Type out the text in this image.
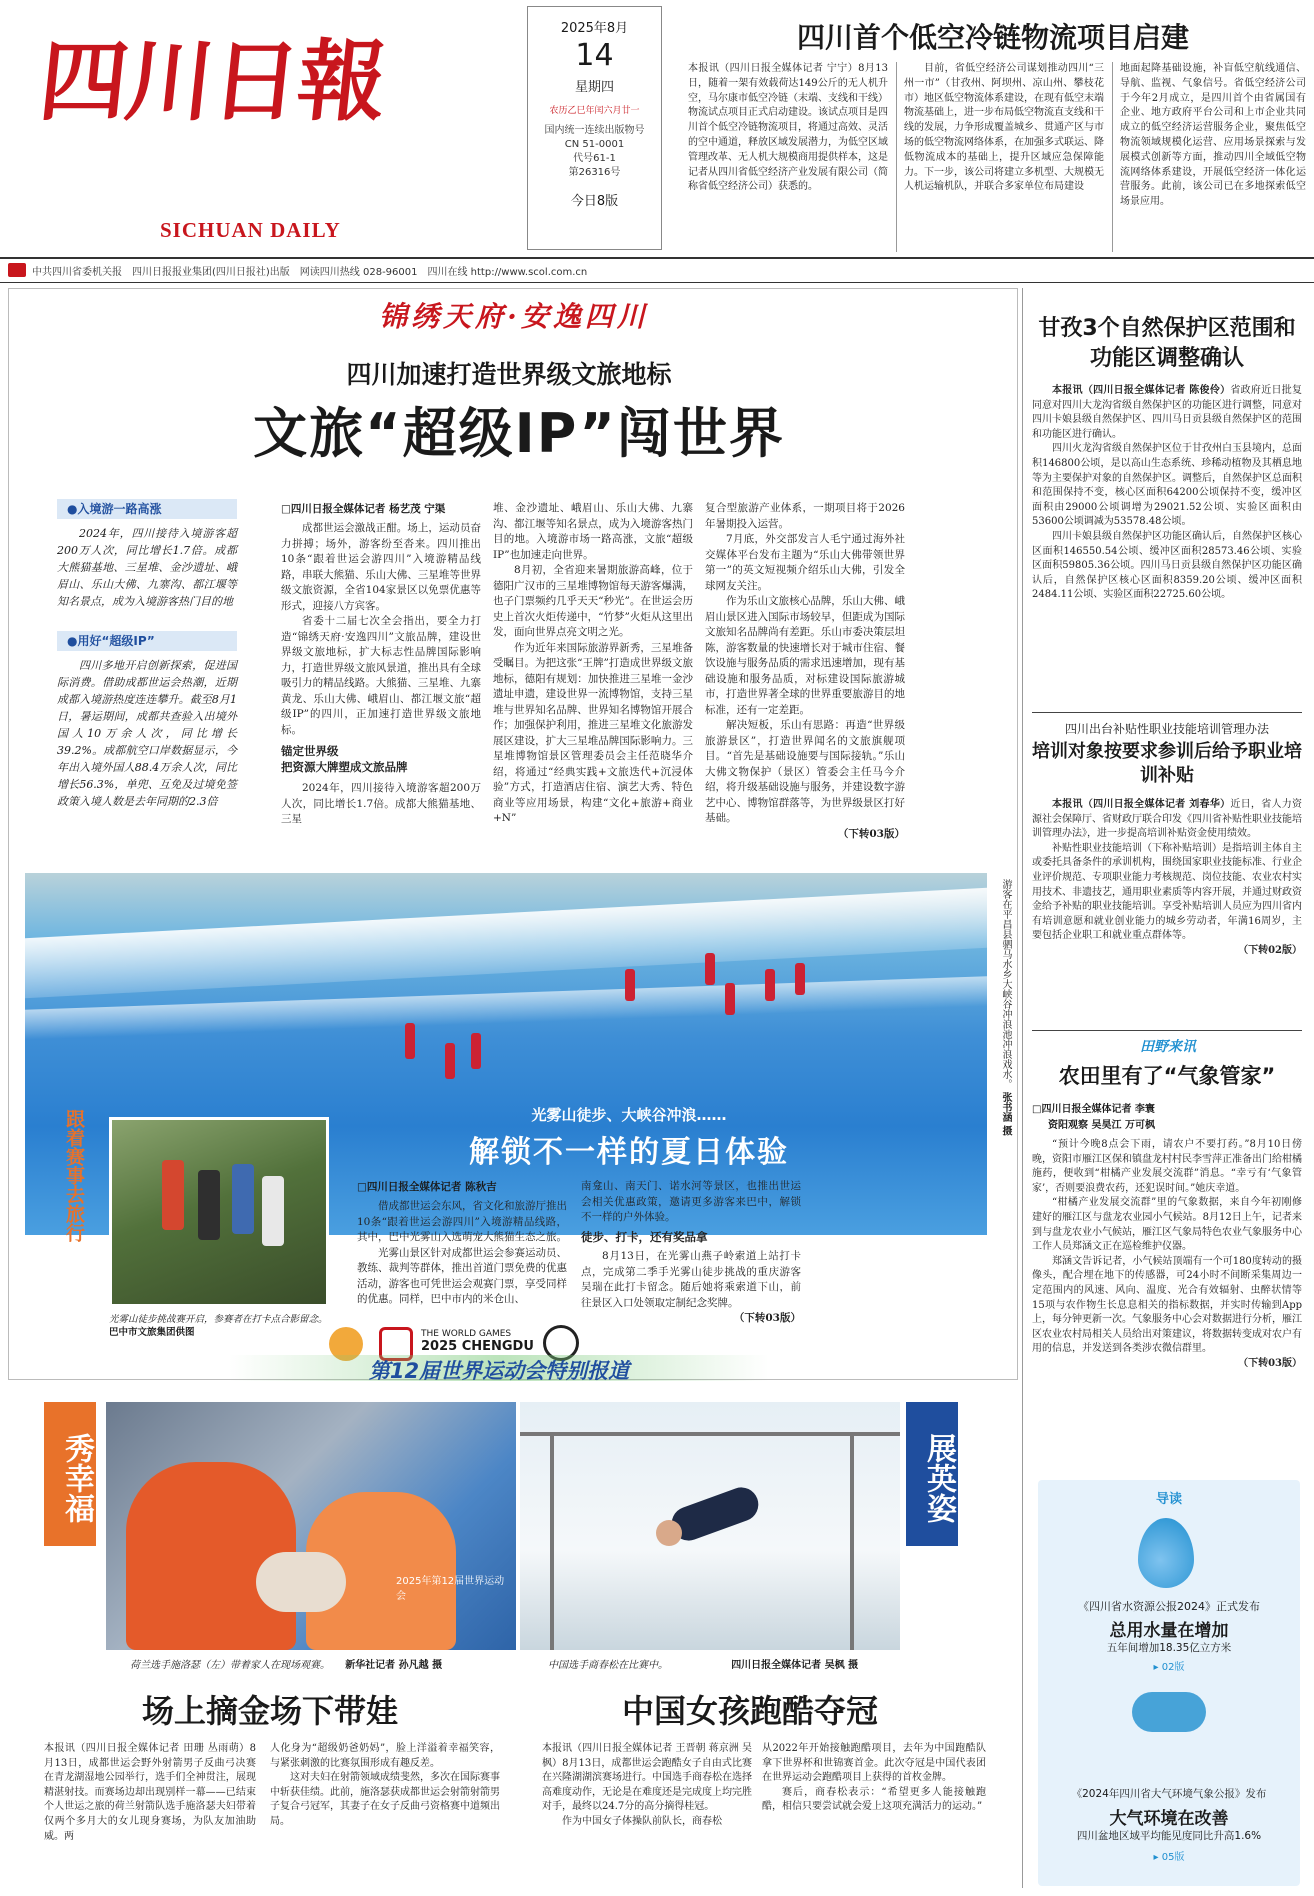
四川日報
SICHUAN DAILY
2025年8月
14
星期四
农历乙巳年闰六月廿一
国内统一连续出版物号
CN 51-0001
代号61-1
第26316号
今日8版
四川首个低空冷链物流项目启建
本报讯（四川日报全媒体记者 宁宁）8月13日，随着一架有效载荷达149公斤的无人机升空，马尔康市低空冷链（末端、支线和干线）物流试点项目正式启动建设。该试点项目是四川首个低空冷链物流项目，将通过高效、灵活的空中通道，释放区域发展潜力，为低空区域管理改革、无人机大规模商用提供样本，这是记者从四川省低空经济产业发展有限公司（简称省低空经济公司）获悉的。
目前，省低空经济公司谋划推动四川“三州一市”（甘孜州、阿坝州、凉山州、攀枝花市）地区低空物流体系建设，在现有低空末端物流基础上，进一步布局低空物流直支线和干线的发展，力争形成覆盖城乡、贯通产区与市场的低空物流网络体系，在加强多式联运、降低物流成本的基础上，提升区域应急保障能力。下一步，该公司将建立多机型、大规模无人机运输机队，并联合多家单位布局建设
地面起降基础设施，补盲低空航线通信、导航、监视、气象信号。省低空经济公司于今年2月成立，是四川首个由省属国有企业、地方政府平台公司和上市企业共同成立的低空经济运营服务企业，聚焦低空物流领域规模化运营、应用场景探索与发展模式创新等方面，推动四川全域低空物流网络体系建设，开展低空经济一体化运营服务。此前，该公司已在多地探索低空场景应用。
中共四川省委机关报　四川日报报业集团(四川日报社)出版　网读四川热线 028-96001　四川在线 http://www.scol.com.cn
锦绣天府·安逸四川
四川加速打造世界级文旅地标
文旅“超级IP”闯世界
●入境游一路高涨
2024年，四川接待入境游客超200万人次，同比增长1.7倍。成都大熊猫基地、三星堆、金沙遗址、峨眉山、乐山大佛、九寨沟、都江堰等知名景点，成为入境游客热门目的地
●用好“超级IP”
四川多地开启创新探索，促进国际消费。借助成都世运会热潮，近期成都入境游热度连连攀升。截至8月1日，暑运期间，成都共查验入出境外国人10万余人次，同比增长39.2%。成都航空口岸数据显示，今年出入境外国人88.4万余人次，同比增长56.3%，单兜、互免及过境免签政策入境人数是去年同期的2.3倍
□四川日报全媒体记者 杨艺茂 宁渠

成都世运会激战正酣。场上，运动员奋力拼搏；场外，游客纷至沓来。四川推出10条“跟着世运会游四川”入境游精品线路，串联大熊猫、乐山大佛、三星堆等世界级文旅资源，全省104家景区以免票优惠等形式，迎接八方宾客。

省委十二届七次全会指出，要全力打造“锦绣天府·安逸四川”文旅品牌，建设世界级文旅地标，扩大标志性品牌国际影响力，打造世界级文旅风景道，推出具有全球吸引力的精品线路。大熊猫、三星堆、九寨黄龙、乐山大佛、峨眉山、都江堰文旅“超级IP”的四川，正加速打造世界级文旅地标。

锚定世界级
把资源大牌塑成文旅品牌

2024年，四川接待入境游客超200万人次，同比增长1.7倍。成都大熊猫基地、三星

堆、金沙遗址、峨眉山、乐山大佛、九寨沟、都江堰等知名景点，成为入境游客热门目的地。入境游市场一路高涨，文旅“超级IP”也加速走向世界。

8月初，全省迎来暑期旅游高峰，位于德阳广汉市的三星堆博物馆每天游客爆满，也子门票频约几乎天天“秒光”。在世运会历史上首次火炬传递中，“竹梦”火炬从这里出发，面向世界点亮文明之光。

作为近年来国际旅游界新秀，三星堆备受瞩目。为把这张“王牌”打造成世界级文旅地标，德阳有规划：加快推进三星堆一金沙遗址申遗，建设世界一流博物馆，支持三星堆与世界知名品牌、世界知名博物馆开展合作；加强保护利用，推进三星堆文化旅游发展区建设，扩大三星堆品牌国际影响力。三星堆博物馆景区管理委员会主任范晓华介绍，将通过“经典实践+文旅迭代+沉浸体验”方式，打造酒店住宿、演艺大秀、特色商业等应用场景，构建“文化+旅游+商业+N”

复合型旅游产业体系，一期项目将于2026年暑期投入运营。

7月底，外交部发言人毛宁通过海外社交媒体平台发布主题为“乐山大佛带领世界第一”的英文短视频介绍乐山大佛，引发全球网友关注。

作为乐山文旅核心品牌，乐山大佛、峨眉山景区进入国际市场较早，但距成为国际文旅知名品牌尚有差距。乐山市委决策层坦陈，游客数量的快速增长对于城市住宿、餐饮设施与服务品质的需求迅速增加，现有基础设施和服务品质，对标建设国际旅游城市，打造世界著全球的世界重要旅游目的地标准，还有一定差距。

解决短板，乐山有思路：再造“世界级旅游景区”，打造世界闻名的文旅旗舰项目。“首先是基础设施要与国际接轨。”乐山大佛文物保护（景区）管委会主任马今介绍，将升级基础设施与服务，并建设数字游艺中心、博物馆群落等，为世界级景区打好基础。

（下转03版）
游客在平昌县驷马水乡大峡谷冲浪池冲浪戏水。 张书涵 摄
光雾山徒步、大峡谷冲浪……
解锁不一样的夏日体验
跟着赛事去旅行
光雾山徒步挑战赛开启，参赛者在打卡点合影留念。 巴中市文旅集团供图
□四川日报全媒体记者 陈秋吉

借成都世运会东风，省文化和旅游厅推出10条“跟着世运会游四川”入境游精品线路，其中，巴中光雾山入选萌宠大熊猫生态之旅。

光雾山景区针对成都世运会参赛运动员、教练、裁判等群体，推出首道门票免费的优惠活动，游客也可凭世运会观赛门票，享受同样的优惠。同样，巴中市内的米仓山、

南龛山、南天门、诺水河等景区，也推出世运会相关优惠政策，邀请更多游客来巴中，解锁不一样的户外体验。

徒步、打卡，还有奖品拿

8月13日，在光雾山燕子岭索道上站打卡点，完成第二季手光雾山徒步挑战的重庆游客吴瑞在此打卡留念。随后她将乘索道下山，前往景区入口处领取定制纪念奖牌。

（下转03版）
THE WORLD GAMES
2025 CHENGDU
第12届世界运动会特别报道
秀幸福
2025年第12届世界运动会
荷兰选手施洛瑟（左）带着家人在现场观赛。 新华社记者 孙凡越 摄
场上摘金场下带娃
本报讯（四川日报全媒体记者 田珊 丛雨萌）8月13日，成都世运会野外射箭男子反曲弓决赛在青龙湖湿地公园举行，选手们全神贯注，展现精湛射技。而赛场边却出现别样一幕——已结束个人世运之旅的荷兰射箭队选手施洛瑟夫妇带着仅两个多月大的女儿现身赛场，为队友加油助威。两

人化身为“超级奶爸奶妈”，脸上洋溢着幸福笑容，与紧张刺激的比赛氛围形成有趣反差。

这对夫妇在射箭领域成绩斐然，多次在国际赛事中斩获佳绩。此前，施洛瑟获成都世运会射箭射箭男子复合弓冠军，其妻子在女子反曲弓资格赛中道频出局。

展英姿
中国选手商春松在比赛中。	四川日报全媒体记者 吴枫 摄
中国女孩跑酷夺冠

本报讯（四川日报全媒体记者 王晋朝 蒋京洲 吴枫）8月13日，成都世运会跑酷女子自由式比赛在兴隆湖湖滨赛场进行。中国选手商春松在选择高难度动作，无论是在难度还是完成度上均完胜对手，最终以24.7分的高分摘得桂冠。

作为中国女子体操队前队长，商春松

从2022年开始接触跑酷项目，去年为中国跑酷队拿下世界杯和世锦赛首金。此次夺冠是中国代表团在世界运动会跑酷项目上获得的首枚金牌。

赛后，商春松表示：“希望更多人能接触跑酷，相信只要尝试就会爱上这项充满活力的运动。”

甘孜3个自然保护区范围和功能区调整确认

本报讯（四川日报全媒体记者 陈俊伶）省政府近日批复同意对四川大龙沟省级自然保护区的功能区进行调整，同意对四川卡娘县级自然保护区、四川马日贡县级自然保护区的范围和功能区进行确认。

四川火龙沟省级自然保护区位于甘孜州白玉县境内，总面积146800公顷，是以高山生态系统、珍稀动植物及其栖息地等为主要保护对象的自然保护区。调整后，自然保护区总面积和范围保持不变，核心区面积64200公顷保持不变，缓冲区面积由29000公顷调增为29021.52公顷、实验区面积由53600公顷调减为53578.48公顷。

四川卡娘县级自然保护区功能区确认后，自然保护区核心区面积146550.54公顷、缓冲区面积28573.46公顷、实验区面积59805.36公顷。四川马日贡县级自然保护区功能区确认后，自然保护区核心区面积8359.20公顷、缓冲区面积2484.11公顷、实验区面积22725.60公顷。

四川出台补贴性职业技能培训管理办法
培训对象按要求参训后给予职业培训补贴

本报讯（四川日报全媒体记者 刘春华）近日，省人力资源社会保障厅、省财政厅联合印发《四川省补贴性职业技能培训管理办法》，进一步提高培训补贴资金使用绩效。

补贴性职业技能培训（下称补贴培训）是指培训主体自主或委托具备条件的承训机构，围绕国家职业技能标准、行业企业评价规范、专项职业能力考核规范、岗位技能、农业农村实用技术、非遗技艺，通用职业素质等内容开展，并通过财政资金给予补贴的职业技能培训。享受补贴培训人员应为四川省内有培训意愿和就业创业能力的城乡劳动者，年满16周岁，主要包括企业职工和就业重点群体等。

（下转02版）
田野来讯
农田里有了“气象管家”
□四川日报全媒体记者 李寰
资阳观察 吴昊江 万可枫

“预计今晚8点会下雨，请农户不要打药。”8月10日傍晚，资阳市雁江区保和镇盘龙村村民李雪萍正准备出门给柑橘施药，便收到“柑橘产业发展交流群”消息。“幸亏有‘气象管家’，否则要浪费农药，还犯误时间。”她庆幸道。

“柑橘产业发展交流群”里的气象数据，来自今年初刚修建好的雁江区与盘龙农业园小气候站。8月12日上午，记者来到与盘龙农业小气候站，雁江区气象局特色农业气象服务中心工作人员郑涵文正在巡检维护仪器。

郑涵文告诉记者，小气候站顶端有一个可180度转动的摄像头，配合埋在地下的传感器，可24小时不间断采集周边一定范围内的风速、风向、温度、光合有效辐射、虫醉状情等15项与农作物生长息息相关的指标数据，并实时传输到App上，每分钟更新一次。气象服务中心会对数据进行分析，雁江区农业农村局相关人员给出对策建议，将数据转变成对农户有用的信息，并发送到各类涉农微信群里。

（下转03版）
导读
《四川省水资源公报2024》正式发布
总用水量在增加
五年间增加18.35亿立方米
▸ 02版
《2024年四川省大气环境气象公报》发布
大气环境在改善
四川盆地区域平均能见度同比升高1.6%
▸ 05版
